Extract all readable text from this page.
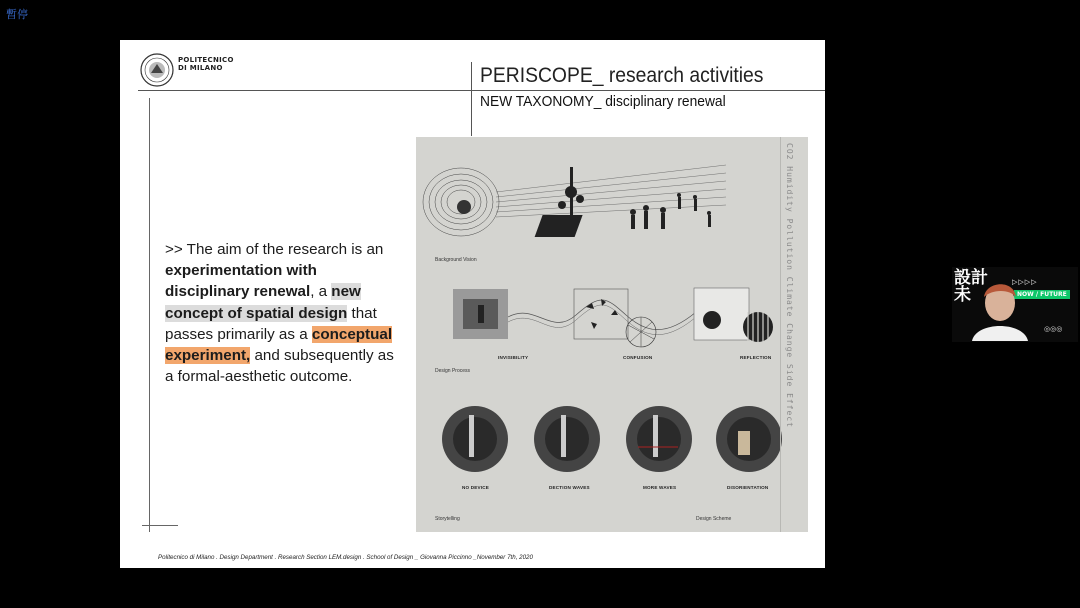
暫停
POLITECNICO
DI MILANO	PERISCOPE_ research activities
NEW TAXONOMY_ disciplinary renewal
>> The aim of the research is an experimentation with disciplinary renewal, a new concept of spatial design that passes primarily as a conceptual experiment, and subsequently as a formal-aesthetic outcome.	CO2 Humidity Pollution Climate Change Side Effect
Background Vision
Design Process
Storytelling	Design Scheme
INVISIBILITY	CONFUSION	REFLECTION
NO DEVICE	DECTION WAVES	MORE WAVES	DISORIENTATION
Politecnico di Milano . Design Department . Research Section LEM.design . School of Design _ Giovanna Piccinno _November 7th, 2020
設計
未
▷▷▷▷
NOW / FUTURE
◎◎◎
